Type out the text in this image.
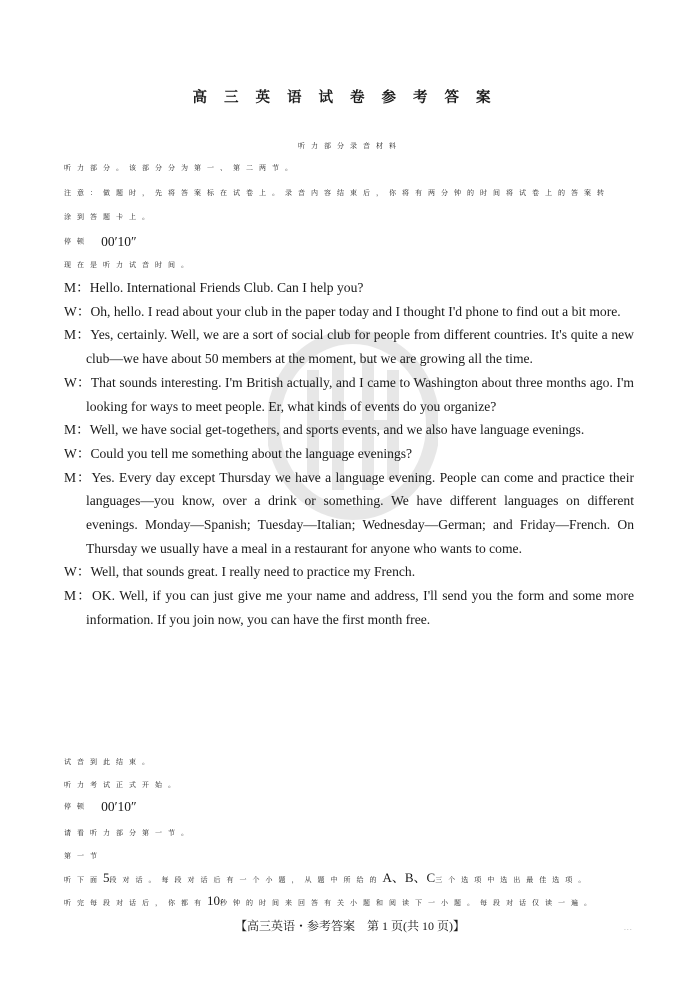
高三英语试卷参考答案
听力部分录音材料
听力部分。该部分分为第一、第二两节。
注意：做题时，先将答案标在试卷上。录音内容结束后，你将有两分钟的时间将试卷上的答案转
涂到答题卡上。
停顿 00′10″
现在是听力试音时间。
M：Hello. International Friends Club. Can I help you?
W：Oh, hello. I read about your club in the paper today and I thought I'd phone to find out a bit more.
M：Yes, certainly. Well, we are a sort of social club for people from different countries. It's quite a new club—we have about 50 members at the moment, but we are growing all the time.
W：That sounds interesting. I'm British actually, and I came to Washington about three months ago. I'm looking for ways to meet people. Er, what kinds of events do you organize?
M：Well, we have social get-togethers, and sports events, and we also have language evenings.
W：Could you tell me something about the language evenings?
M：Yes. Every day except Thursday we have a language evening. People can come and practice their languages—you know, over a drink or something. We have different languages on different evenings. Monday—Spanish; Tuesday—Italian; Wednesday—German; and Friday—French. On Thursday we usually have a meal in a restaurant for anyone who wants to come.
W：Well, that sounds great. I really need to practice my French.
M：OK. Well, if you can just give me your name and address, I'll send you the form and some more information. If you join now, you can have the first month free.
试音到此结束。
听力考试正式开始。
停顿 00′10″
请看听力部分第一节。
第一节
听下面5段对话。每段对话后有一个小题，从题中所给的A、B、C三个选项中选出最佳选项。
听完每段对话后，你都有10秒钟的时间来回答有关小题和阅读下一小题。每段对话仅读一遍。
【高三英语・参考答案　第 1 页(共 10 页)】	...
